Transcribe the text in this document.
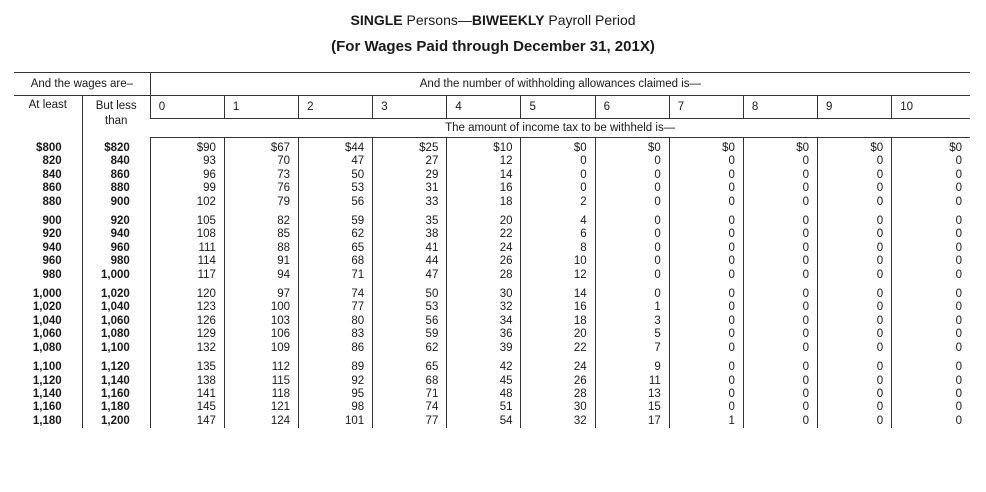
SINGLE Persons—BIWEEKLY Payroll Period
(For Wages Paid through December 31, 201X)
And the wages are–		And the number of withholding allowances claimed is—										
At least	But less than	0	1	2	3	4	5	6	7	8	9	10
		The amount of income tax to be withheld is—										
$800	$820	$90	$67	$44	$25	$10	$0	$0	$0	$0	$0	$0
820	840	93	70	47	27	12	0	0	0	0	0	0
840	860	96	73	50	29	14	0	0	0	0	0	0
860	880	99	76	53	31	16	0	0	0	0	0	0
880	900	102	79	56	33	18	2	0	0	0	0	0
900	920	105	82	59	35	20	4	0	0	0	0	0
920	940	108	85	62	38	22	6	0	0	0	0	0
940	960	111	88	65	41	24	8	0	0	0	0	0
960	980	114	91	68	44	26	10	0	0	0	0	0
980	1,000	117	94	71	47	28	12	0	0	0	0	0
1,000	1,020	120	97	74	50	30	14	0	0	0	0	0
1,020	1,040	123	100	77	53	32	16	1	0	0	0	0
1,040	1,060	126	103	80	56	34	18	3	0	0	0	0
1,060	1,080	129	106	83	59	36	20	5	0	0	0	0
1,080	1,100	132	109	86	62	39	22	7	0	0	0	0
1,100	1,120	135	112	89	65	42	24	9	0	0	0	0
1,120	1,140	138	115	92	68	45	26	11	0	0	0	0
1,140	1,160	141	118	95	71	48	28	13	0	0	0	0
1,160	1,180	145	121	98	74	51	30	15	0	0	0	0
1,180	1,200	147	124	101	77	54	32	17	1	0	0	0
